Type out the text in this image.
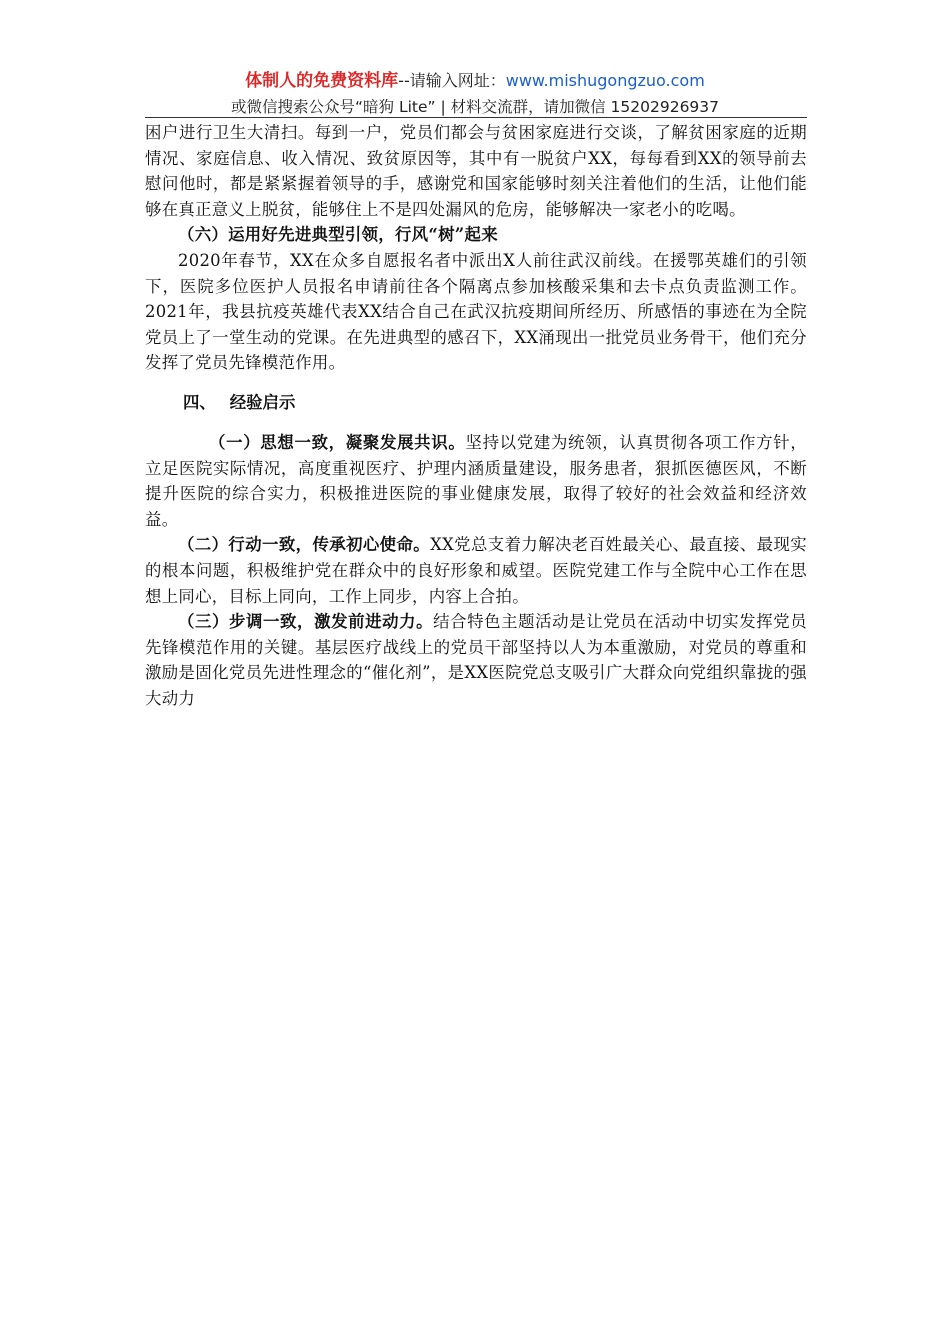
体制人的免费资料库--请输入网址：www.mishugongzuo.com
或微信搜索公众号“暗狗 Lite” | 材料交流群，请加微信 15202926937

困户进行卫生大清扫。每到一户，党员们都会与贫困家庭进行交谈，了解贫困家庭的近期情况、家庭信息、收入情况、致贫原因等，其中有一脱贫户XX，每每看到XX的领导前去慰问他时，都是紧紧握着领导的手，感谢党和国家能够时刻关注着他们的生活，让他们能够在真正意义上脱贫，能够住上不是四处漏风的危房，能够解决一家老小的吃喝。

（六）运用好先进典型引领，行风“树”起来

2020年春节，XX在众多自愿报名者中派出X人前往武汉前线。在援鄂英雄们的引领下，医院多位医护人员报名申请前往各个隔离点参加核酸采集和去卡点负责监测工作。2021年，我县抗疫英雄代表XX结合自己在武汉抗疫期间所经历、所感悟的事迹在为全院党员上了一堂生动的党课。在先进典型的感召下，XX涌现出一批党员业务骨干，他们充分发挥了党员先锋模范作用。

四、 经验启示

（一）思想一致，凝聚发展共识。坚持以党建为统领，认真贯彻各项工作方针，立足医院实际情况，高度重视医疗、护理内涵质量建设，服务患者，狠抓医德医风，不断提升医院的综合实力，积极推进医院的事业健康发展，取得了较好的社会效益和经济效益。

（二）行动一致，传承初心使命。XX党总支着力解决老百姓最关心、最直接、最现实的根本问题，积极维护党在群众中的良好形象和威望。医院党建工作与全院中心工作在思想上同心，目标上同向，工作上同步，内容上合拍。

（三）步调一致，激发前进动力。结合特色主题活动是让党员在活动中切实发挥党员先锋模范作用的关键。基层医疗战线上的党员干部坚持以人为本重激励，对党员的尊重和激励是固化党员先进性理念的“催化剂”，是XX医院党总支吸引广大群众向党组织靠拢的强大动力
